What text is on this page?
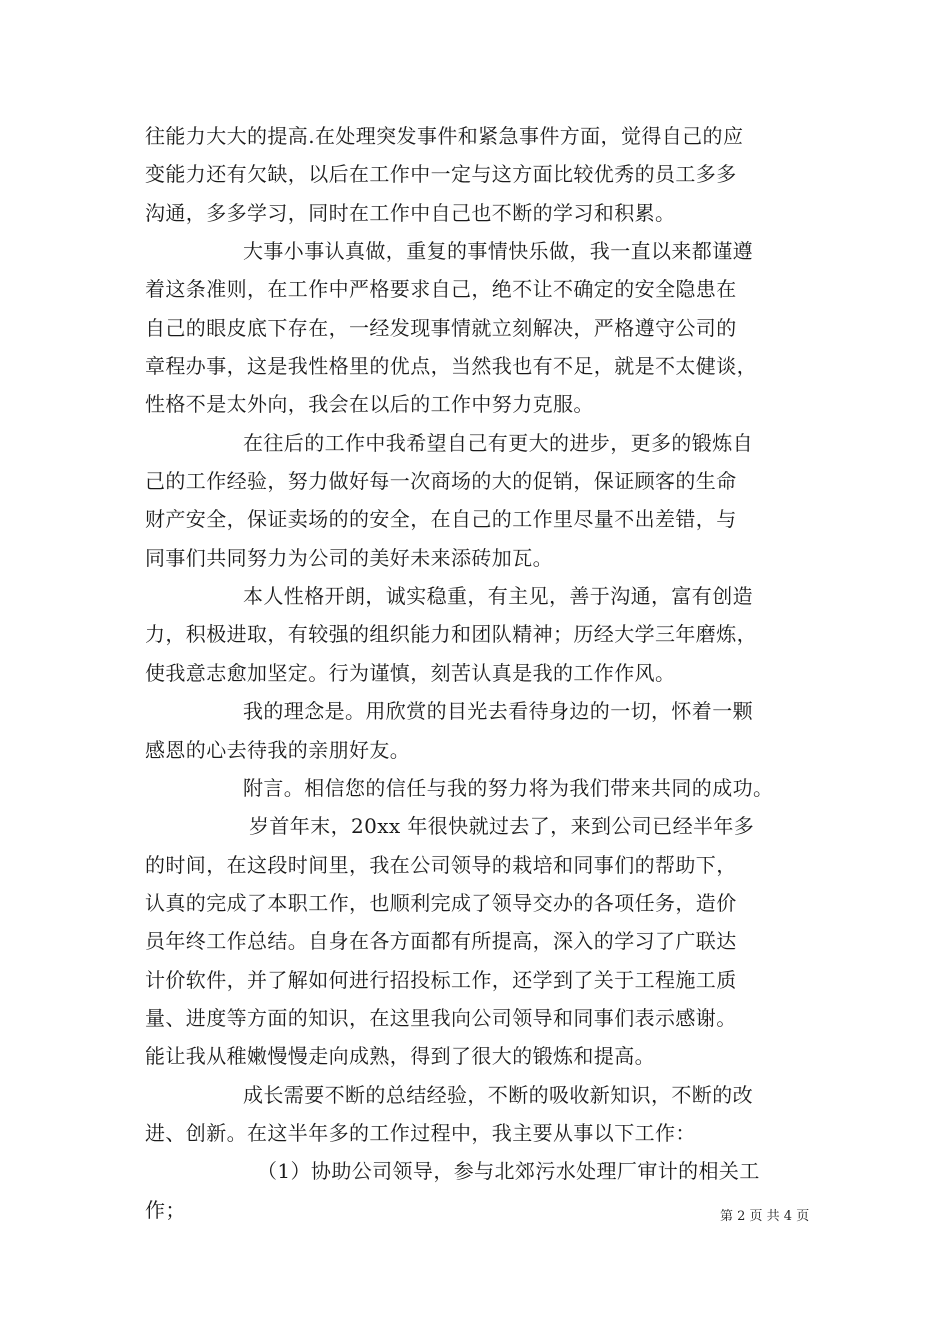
往能力大大的提高.在处理突发事件和紧急事件方面，觉得自己的应
变能力还有欠缺，以后在工作中一定与这方面比较优秀的员工多多
沟通，多多学习，同时在工作中自己也不断的学习和积累。
大事小事认真做，重复的事情快乐做，我一直以来都谨遵
着这条准则，在工作中严格要求自己，绝不让不确定的安全隐患在
自己的眼皮底下存在，一经发现事情就立刻解决，严格遵守公司的
章程办事，这是我性格里的优点，当然我也有不足，就是不太健谈，
性格不是太外向，我会在以后的工作中努力克服。
在往后的工作中我希望自己有更大的进步，更多的锻炼自
己的工作经验，努力做好每一次商场的大的促销，保证顾客的生命
财产安全，保证卖场的的安全，在自己的工作里尽量不出差错，与
同事们共同努力为公司的美好未来添砖加瓦。
本人性格开朗，诚实稳重，有主见，善于沟通，富有创造
力，积极进取，有较强的组织能力和团队精神；历经大学三年磨炼，
使我意志愈加坚定。行为谨慎，刻苦认真是我的工作作风。
我的理念是。用欣赏的目光去看待身边的一切，怀着一颗
感恩的心去待我的亲朋好友。
附言。相信您的信任与我的努力将为我们带来共同的成功。
岁首年末，20xx 年很快就过去了，来到公司已经半年多
的时间，在这段时间里，我在公司领导的栽培和同事们的帮助下，
认真的完成了本职工作，也顺利完成了领导交办的各项任务，造价
员年终工作总结。自身在各方面都有所提高，深入的学习了广联达
计价软件，并了解如何进行招投标工作，还学到了关于工程施工质
量、进度等方面的知识，在这里我向公司领导和同事们表示感谢。
能让我从稚嫩慢慢走向成熟，得到了很大的锻炼和提高。
成长需要不断的总结经验，不断的吸收新知识，不断的改
进、创新。在这半年多的工作过程中，我主要从事以下工作：
（1）协助公司领导，参与北郊污水处理厂审计的相关工
作；	第 2 页 共 4 页
